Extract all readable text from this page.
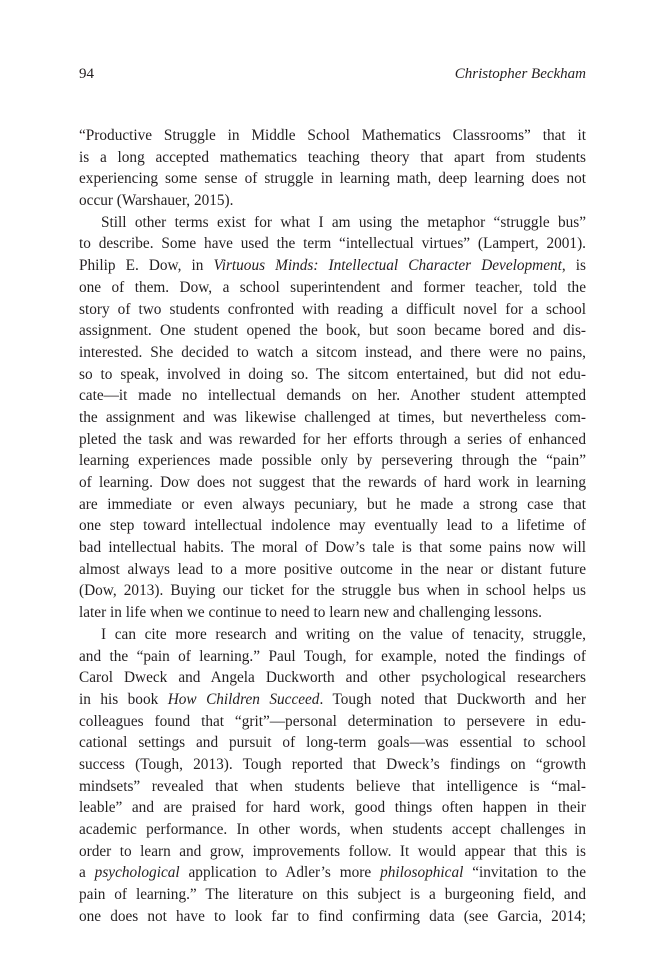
94	Christopher Beckham
“Productive Struggle in Middle School Mathematics Classrooms” that it
is a long accepted mathematics teaching theory that apart from students
experiencing some sense of struggle in learning math, deep learning does not
occur (Warshauer, 2015).
Still other terms exist for what I am using the metaphor “struggle bus”
to describe. Some have used the term “intellectual virtues” (Lampert, 2001).
Philip E. Dow, in Virtuous Minds: Intellectual Character Development, is
one of them. Dow, a school superintendent and former teacher, told the
story of two students confronted with reading a difficult novel for a school
assignment. One student opened the book, but soon became bored and dis-
interested. She decided to watch a sitcom instead, and there were no pains,
so to speak, involved in doing so. The sitcom entertained, but did not edu-
cate—it made no intellectual demands on her. Another student attempted
the assignment and was likewise challenged at times, but nevertheless com-
pleted the task and was rewarded for her efforts through a series of enhanced
learning experiences made possible only by persevering through the “pain”
of learning. Dow does not suggest that the rewards of hard work in learning
are immediate or even always pecuniary, but he made a strong case that
one step toward intellectual indolence may eventually lead to a lifetime of
bad intellectual habits. The moral of Dow’s tale is that some pains now will
almost always lead to a more positive outcome in the near or distant future
(Dow, 2013). Buying our ticket for the struggle bus when in school helps us
later in life when we continue to need to learn new and challenging lessons.
I can cite more research and writing on the value of tenacity, struggle,
and the “pain of learning.” Paul Tough, for example, noted the findings of
Carol Dweck and Angela Duckworth and other psychological researchers
in his book How Children Succeed. Tough noted that Duckworth and her
colleagues found that “grit”—personal determination to persevere in edu-
cational settings and pursuit of long-term goals—was essential to school
success (Tough, 2013). Tough reported that Dweck’s findings on “growth
mindsets” revealed that when students believe that intelligence is “mal-
leable” and are praised for hard work, good things often happen in their
academic performance. In other words, when students accept challenges in
order to learn and grow, improvements follow. It would appear that this is
a psychological application to Adler’s more philosophical “invitation to the
pain of learning.” The literature on this subject is a burgeoning field, and
one does not have to look far to find confirming data (see Garcia, 2014;
